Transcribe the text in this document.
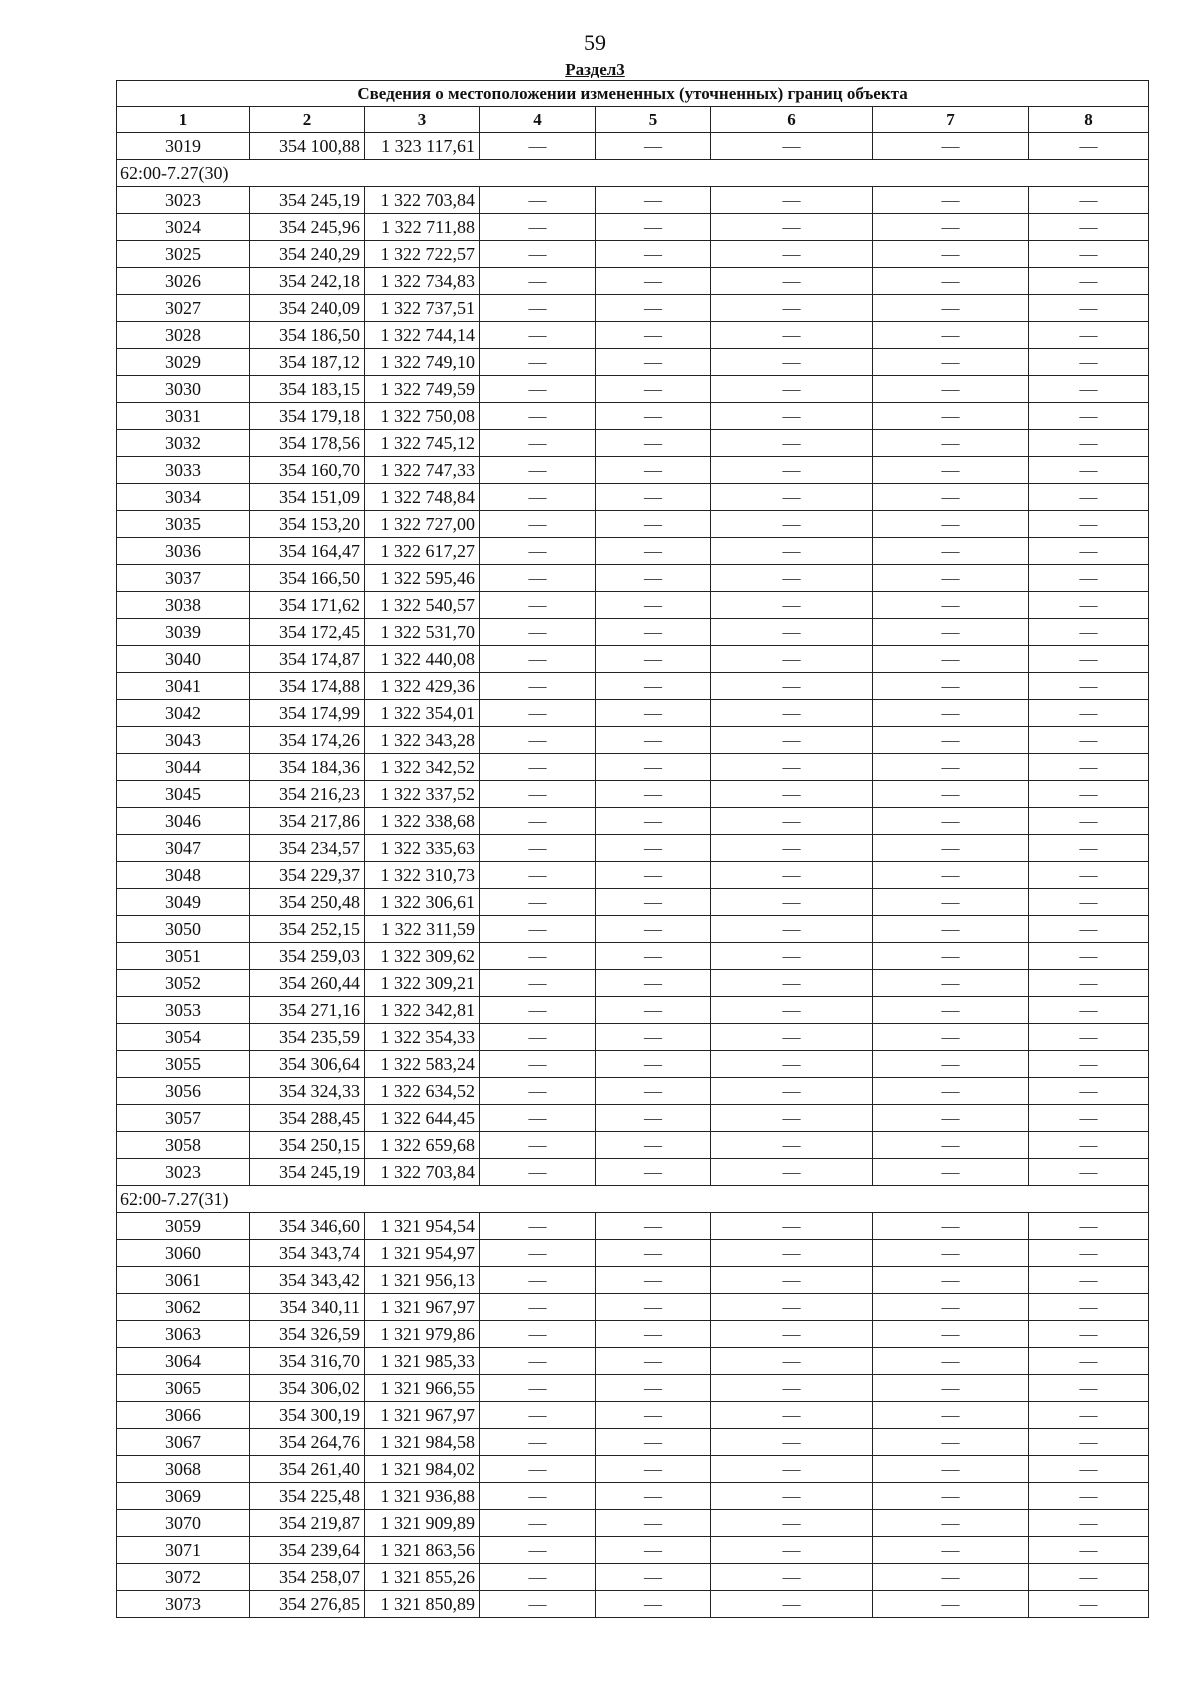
59
Раздел3
Сведения о местоположении измененных (уточненных) границ объекта							
1	2	3	4	5	6	7	8
3019	354 100,88	1 323 117,61	—	—	—	—	—
62:00-7.27(30)							
3023	354 245,19	1 322 703,84	—	—	—	—	—
3024	354 245,96	1 322 711,88	—	—	—	—	—
3025	354 240,29	1 322 722,57	—	—	—	—	—
3026	354 242,18	1 322 734,83	—	—	—	—	—
3027	354 240,09	1 322 737,51	—	—	—	—	—
3028	354 186,50	1 322 744,14	—	—	—	—	—
3029	354 187,12	1 322 749,10	—	—	—	—	—
3030	354 183,15	1 322 749,59	—	—	—	—	—
3031	354 179,18	1 322 750,08	—	—	—	—	—
3032	354 178,56	1 322 745,12	—	—	—	—	—
3033	354 160,70	1 322 747,33	—	—	—	—	—
3034	354 151,09	1 322 748,84	—	—	—	—	—
3035	354 153,20	1 322 727,00	—	—	—	—	—
3036	354 164,47	1 322 617,27	—	—	—	—	—
3037	354 166,50	1 322 595,46	—	—	—	—	—
3038	354 171,62	1 322 540,57	—	—	—	—	—
3039	354 172,45	1 322 531,70	—	—	—	—	—
3040	354 174,87	1 322 440,08	—	—	—	—	—
3041	354 174,88	1 322 429,36	—	—	—	—	—
3042	354 174,99	1 322 354,01	—	—	—	—	—
3043	354 174,26	1 322 343,28	—	—	—	—	—
3044	354 184,36	1 322 342,52	—	—	—	—	—
3045	354 216,23	1 322 337,52	—	—	—	—	—
3046	354 217,86	1 322 338,68	—	—	—	—	—
3047	354 234,57	1 322 335,63	—	—	—	—	—
3048	354 229,37	1 322 310,73	—	—	—	—	—
3049	354 250,48	1 322 306,61	—	—	—	—	—
3050	354 252,15	1 322 311,59	—	—	—	—	—
3051	354 259,03	1 322 309,62	—	—	—	—	—
3052	354 260,44	1 322 309,21	—	—	—	—	—
3053	354 271,16	1 322 342,81	—	—	—	—	—
3054	354 235,59	1 322 354,33	—	—	—	—	—
3055	354 306,64	1 322 583,24	—	—	—	—	—
3056	354 324,33	1 322 634,52	—	—	—	—	—
3057	354 288,45	1 322 644,45	—	—	—	—	—
3058	354 250,15	1 322 659,68	—	—	—	—	—
3023	354 245,19	1 322 703,84	—	—	—	—	—
62:00-7.27(31)							
3059	354 346,60	1 321 954,54	—	—	—	—	—
3060	354 343,74	1 321 954,97	—	—	—	—	—
3061	354 343,42	1 321 956,13	—	—	—	—	—
3062	354 340,11	1 321 967,97	—	—	—	—	—
3063	354 326,59	1 321 979,86	—	—	—	—	—
3064	354 316,70	1 321 985,33	—	—	—	—	—
3065	354 306,02	1 321 966,55	—	—	—	—	—
3066	354 300,19	1 321 967,97	—	—	—	—	—
3067	354 264,76	1 321 984,58	—	—	—	—	—
3068	354 261,40	1 321 984,02	—	—	—	—	—
3069	354 225,48	1 321 936,88	—	—	—	—	—
3070	354 219,87	1 321 909,89	—	—	—	—	—
3071	354 239,64	1 321 863,56	—	—	—	—	—
3072	354 258,07	1 321 855,26	—	—	—	—	—
3073	354 276,85	1 321 850,89	—	—	—	—	—
